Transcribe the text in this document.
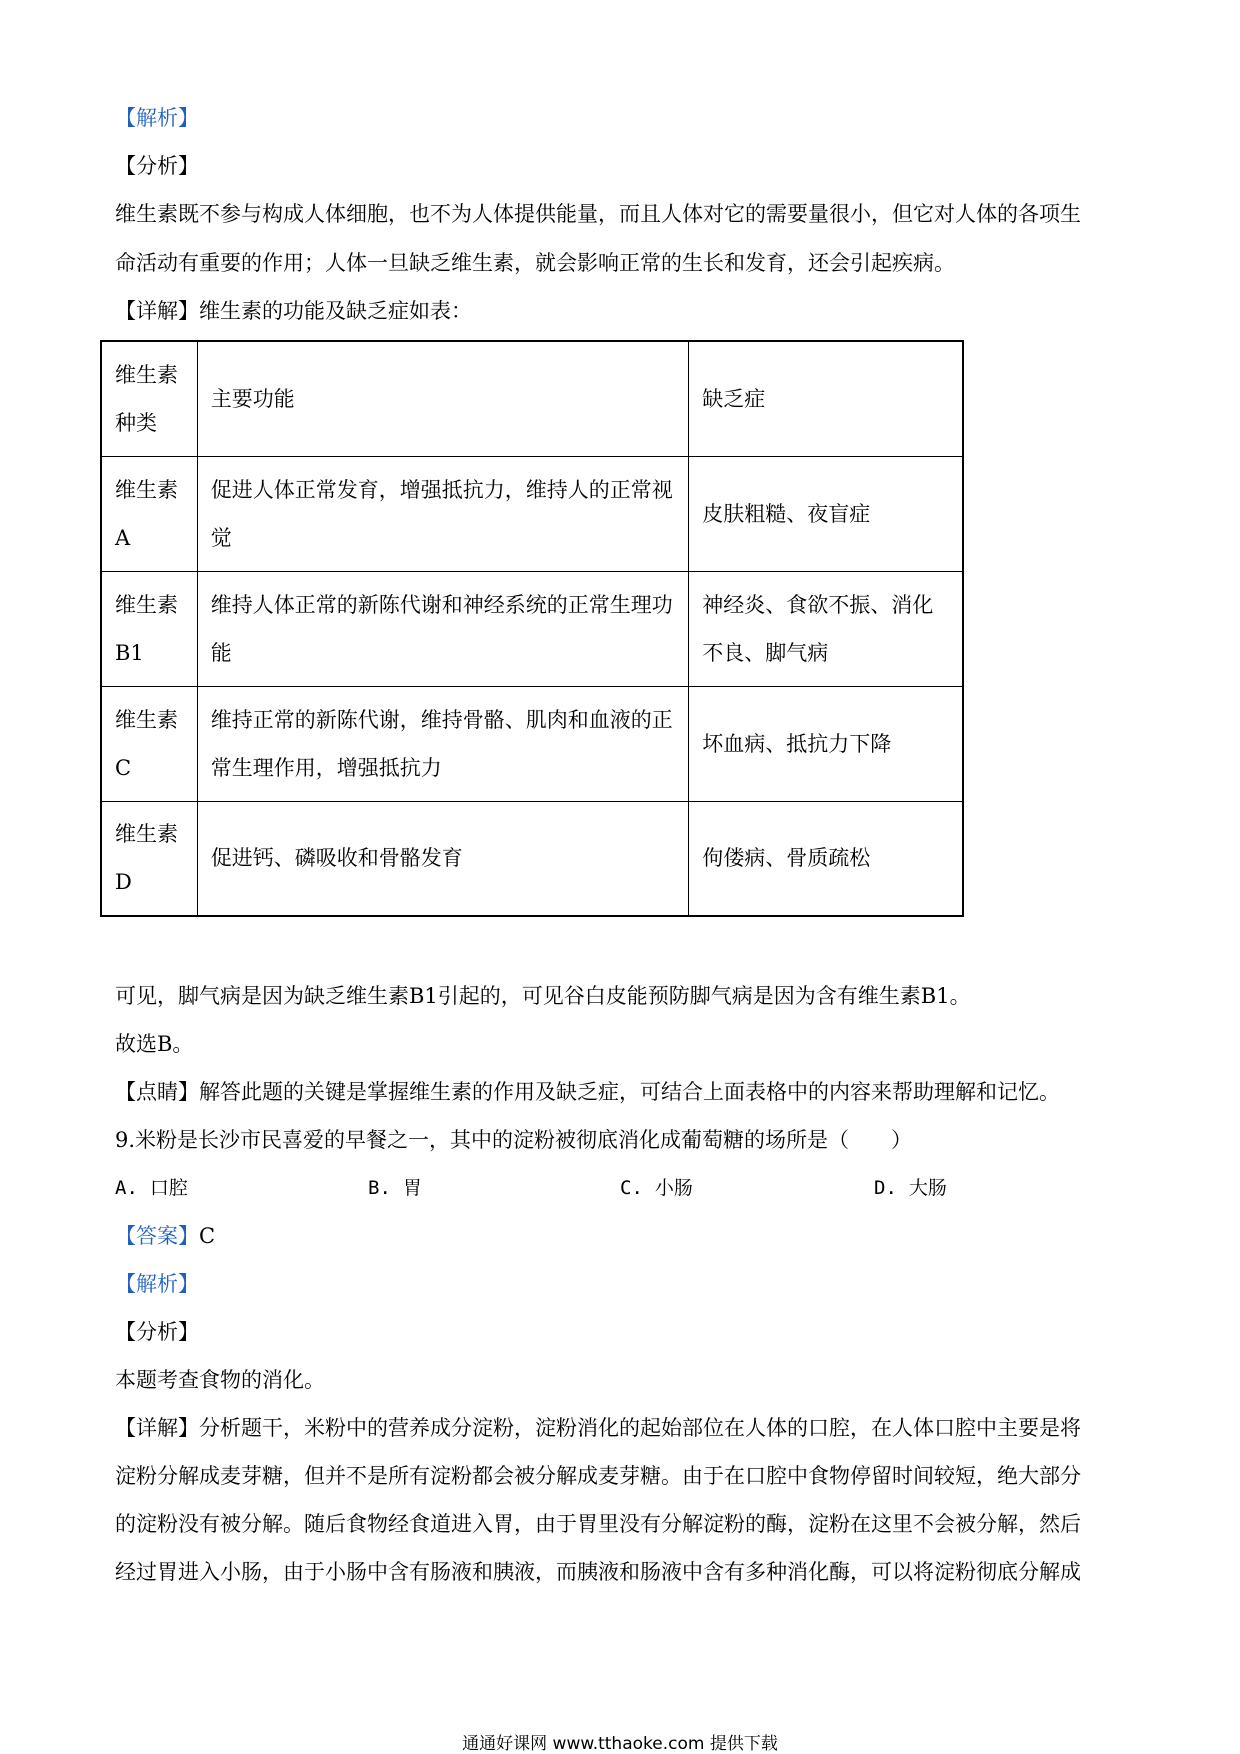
【解析】
【分析】
维生素既不参与构成人体细胞，也不为人体提供能量，而且人体对它的需要量很小，但它对人体的各项生
命活动有重要的作用；人体一旦缺乏维生素，就会影响正常的生长和发育，还会引起疾病。
【详解】维生素的功能及缺乏症如表：
维生素种类	主要功能	缺乏症
维生素A	促进人体正常发育，增强抵抗力，维持人的正常视觉	皮肤粗糙、夜盲症
维生素B1	维持人体正常的新陈代谢和神经系统的正常生理功能	神经炎、食欲不振、消化不良、脚气病
维生素C	维持正常的新陈代谢，维持骨骼、肌肉和血液的正常生理作用，增强抵抗力	坏血病、抵抗力下降
维生素D	促进钙、磷吸收和骨骼发育	佝偻病、骨质疏松
可见，脚气病是因为缺乏维生素B1引起的，可见谷白皮能预防脚气病是因为含有维生素B1。
故选B。
【点睛】解答此题的关键是掌握维生素的作用及缺乏症，可结合上面表格中的内容来帮助理解和记忆。
9.米粉是长沙市民喜爱的早餐之一，其中的淀粉被彻底消化成葡萄糖的场所是（　　）
A. 口腔	B. 胃	C. 小肠	D. 大肠
【答案】C
【解析】
【分析】
本题考查食物的消化。
【详解】分析题干，米粉中的营养成分淀粉，淀粉消化的起始部位在人体的口腔，在人体口腔中主要是将
淀粉分解成麦芽糖，但并不是所有淀粉都会被分解成麦芽糖。由于在口腔中食物停留时间较短，绝大部分
的淀粉没有被分解。随后食物经食道进入胃，由于胃里没有分解淀粉的酶，淀粉在这里不会被分解，然后
经过胃进入小肠，由于小肠中含有肠液和胰液，而胰液和肠液中含有多种消化酶，可以将淀粉彻底分解成
通通好课网 www.tthaoke.com 提供下载
